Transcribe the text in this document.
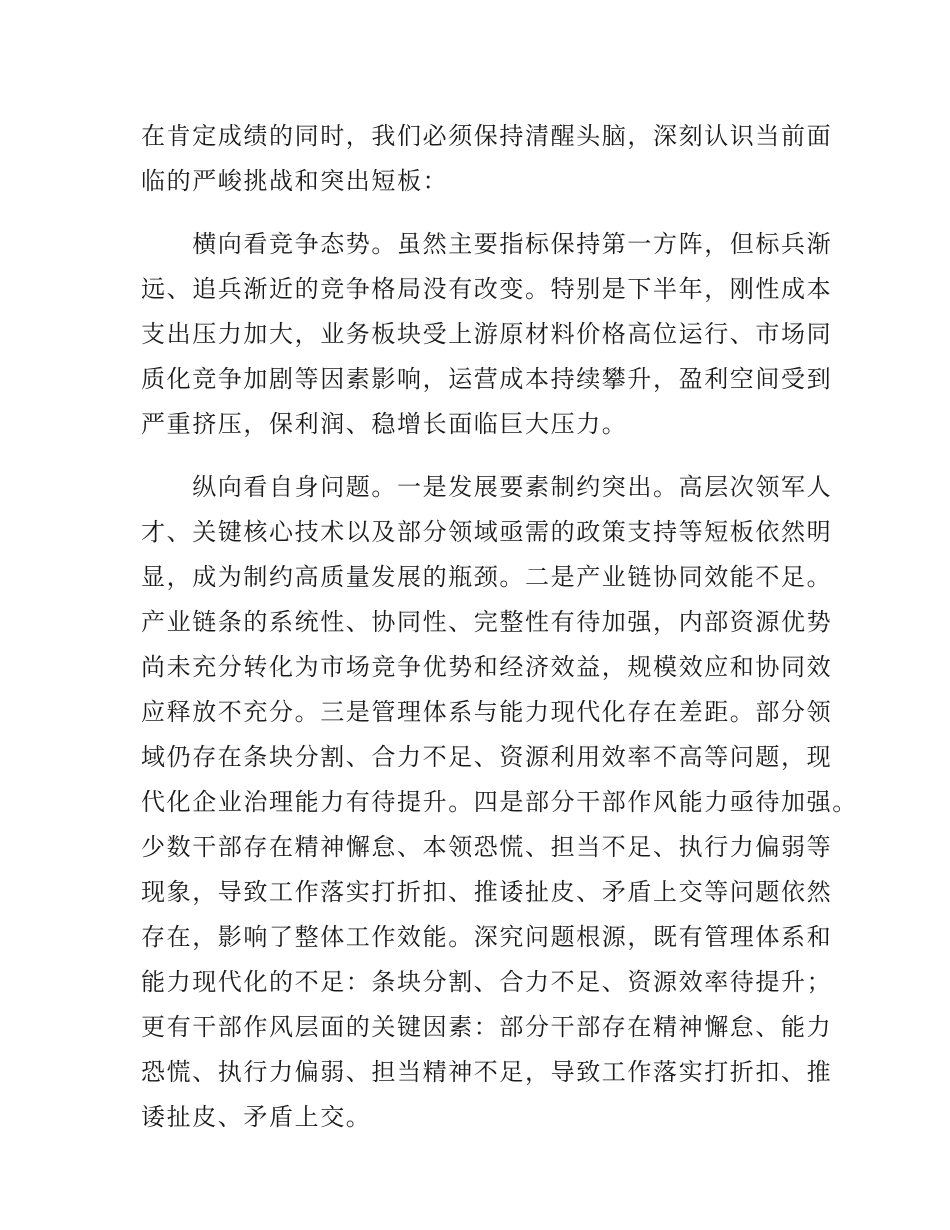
在肯定成绩的同时，我们必须保持清醒头脑，深刻认识当前面
临的严峻挑战和突出短板：
　　横向看竞争态势。虽然主要指标保持第一方阵，但标兵渐
远、追兵渐近的竞争格局没有改变。特别是下半年，刚性成本
支出压力加大，业务板块受上游原材料价格高位运行、市场同
质化竞争加剧等因素影响，运营成本持续攀升，盈利空间受到
严重挤压，保利润、稳增长面临巨大压力。
　　纵向看自身问题。一是发展要素制约突出。高层次领军人
才、关键核心技术以及部分领域亟需的政策支持等短板依然明
显，成为制约高质量发展的瓶颈。二是产业链协同效能不足。
产业链条的系统性、协同性、完整性有待加强，内部资源优势
尚未充分转化为市场竞争优势和经济效益，规模效应和协同效
应释放不充分。三是管理体系与能力现代化存在差距。部分领
域仍存在条块分割、合力不足、资源利用效率不高等问题，现
代化企业治理能力有待提升。四是部分干部作风能力亟待加强。
少数干部存在精神懈怠、本领恐慌、担当不足、执行力偏弱等
现象，导致工作落实打折扣、推诿扯皮、矛盾上交等问题依然
存在，影响了整体工作效能。深究问题根源，既有管理体系和
能力现代化的不足：条块分割、合力不足、资源效率待提升；
更有干部作风层面的关键因素：部分干部存在精神懈怠、能力
恐慌、执行力偏弱、担当精神不足，导致工作落实打折扣、推
诿扯皮、矛盾上交。
